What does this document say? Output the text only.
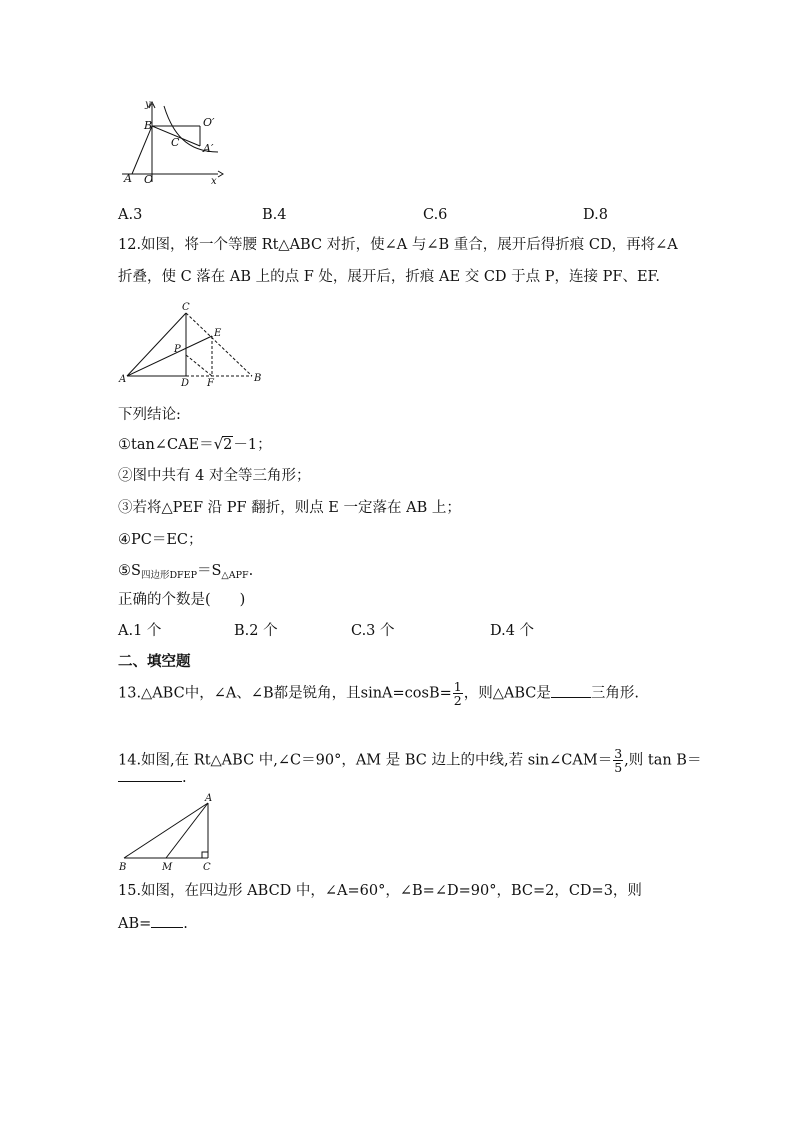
y
x
B	O′
C A′
A O
A.3	B.4	C.6	D.8
12.如图，将一个等腰 Rt△ABC 对折，使∠A 与∠B 重合，展开后得折痕 CD，再将∠A
折叠，使 C 落在 AB 上的点 F 处，展开后，折痕 AE 交 CD 于点 P，连接 PF、EF.
C
E
P
A	D F	B
下列结论:
①tan∠CAE＝√2－1；
②图中共有 4 对全等三角形；
③若将△PEF 沿 PF 翻折，则点 E 一定落在 AB 上；
④PC＝EC；
$⑤S_{四边形DFEP}=S_{\triangle APF}$.
正确的个数是(　　)
A.1 个	B.2 个	C.3 个	D.4 个
二、填空题
13.△ABC中，∠A、∠B都是锐角，且$\sin A=\cos B= \frac{1}{2}$ ，则△ABC是	三角形.
14.如图,在 Rt△ABC 中,∠C＝90°，AM 是 BC 边上的中线,若 sin∠CAM＝ $\frac{3}{5}$ ,则 tan B＝
.
A
B	M	C
15.如图，在四边形 ABCD 中，∠A=60°，∠B=∠D=90°，BC=2，CD=3，则
AB= .
